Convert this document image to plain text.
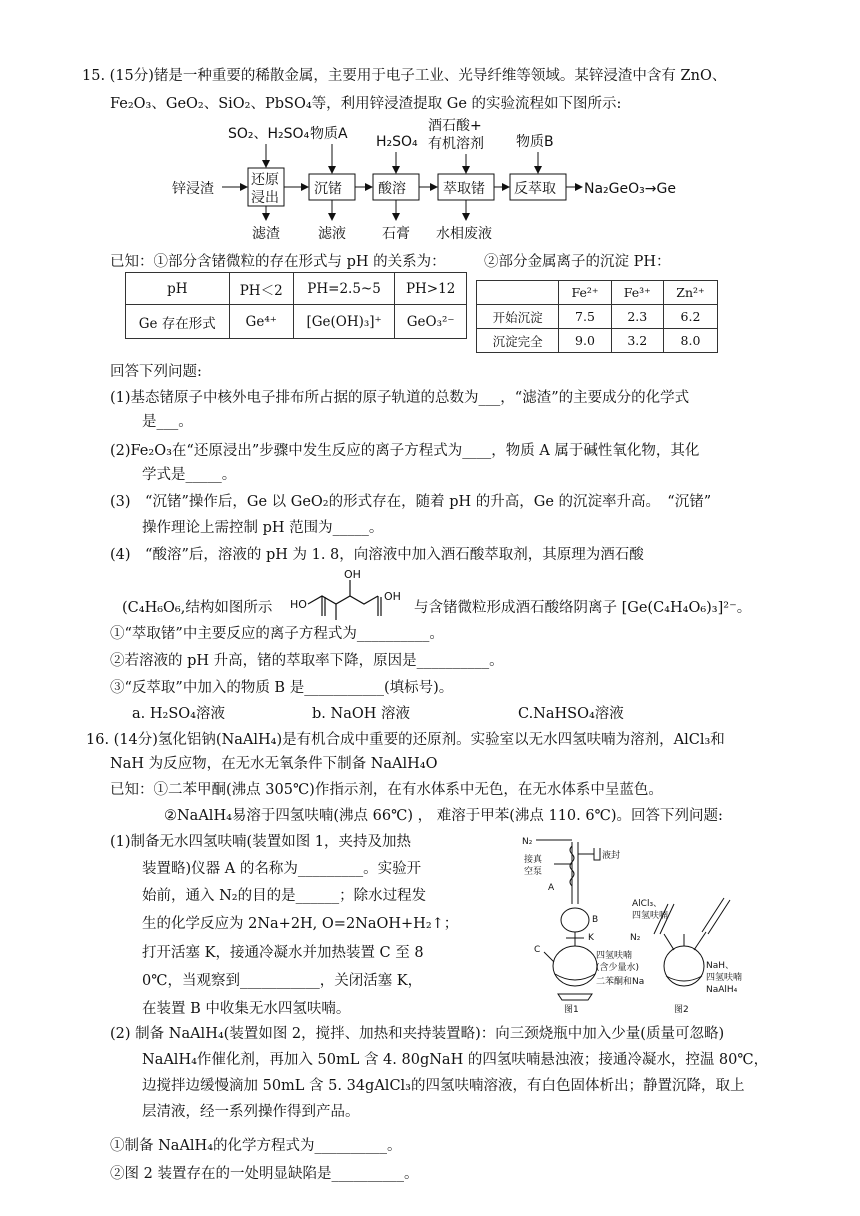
15. (15分)锗是一种重要的稀散金属，主要用于电子工业、光导纤维等领域。某锌浸渣中含有 ZnO、
Fe₂O₃、GeO₂、SiO₂、PbSO₄等，利用锌浸渣提取 Ge 的实验流程如下图所示:
SO₂、H₂SO₄ 物质A H₂SO₄
酒石酸+
有机溶剂 物质B
锌浸渣
还原
浸出
沉锗	酸溶	萃取锗 反萃取 Na₂GeO₃→Ge
滤渣	滤液	石膏 水相废液
已知：①部分含锗微粒的存在形式与 pH 的关系为：	②部分金属离子的沉淀 PH：
pH	PH＜2	PH=2.5~5	PH>12
Ge 存在形式	Ge⁴⁺	[Ge(OH)₃]⁺	GeO₃²⁻
	Fe²⁺	Fe³⁺	Zn²⁺
开始沉淀	7.5	2.3	6.2
沉淀完全	9.0	3.2	8.0
回答下列问题:
(1)基态锗原子中核外电子排布所占据的原子轨道的总数为___，“滤渣”的主要成分的化学式
是___。
(2)Fe₂O₃在“还原浸出”步骤中发生反应的离子方程式为____，物质 A 属于碱性氧化物，其化
学式是_____。
(3)　“沉锗”操作后，Ge 以 GeO₂的形式存在，随着 pH 的升高，Ge 的沉淀率升高。　“沉锗”
操作理论上需控制 pH 范围为_____。
(4)　“酸溶”后，溶液的 pH 为 1. 8，向溶液中加入酒石酸萃取剂，其原理为酒石酸
(C₄H₆O₆,结构如图所示
OH
HO
OH
与含锗微粒形成酒石酸络阴离子 [Ge(C₄H₄O₆)₃]²⁻。
①“萃取锗”中主要反应的离子方程式为__________。
②若溶液的 pH 升高，锗的萃取率下降，原因是__________。
③“反萃取”中加入的物质 B 是___________(填标号)。
a. H₂SO₄溶液	b. NaOH 溶液	C.NaHSO₄溶液
16. (14分)氢化铝钠(NaAlH₄)是有机合成中重要的还原剂。实验室以无水四氢呋喃为溶剂，AlCl₃和
NaH 为反应物，在无水无氧条件下制备 NaAlH₄O
已知：①二苯甲酮(沸点 305℃)作指示剂，在有水体系中无色，在无水体系中呈蓝色。
②NaAlH₄易溶于四氢呋喃(沸点 66℃) ， 难溶于甲苯(沸点 110. 6℃)。回答下列问题:
(1)制备无水四氢呋喃(装置如图 1，夹持及加热
装置略)仪器 A 的名称为_________。实验开
始前，通入 N₂的目的是______；除水过程发
生的化学反应为 2Na+2H, O=2NaOH+H₂↑；
打开活塞 K，接通冷凝水并加热装置 C 至 8
0℃，当观察到___________，关闭活塞 K，
在装置 B 中收集无水四氢呋喃。
N₂
接真
空泵
A
液封
B
K
C
四氢呋喃
(含少量水)
二苯酮和Na
图1
AlCl₃、
四氢呋喃
N₂
NaH、
四氢呋喃
NaAlH₄
图2
(2) 制备 NaAlH₄(装置如图 2，搅拌、加热和夹持装置略)：向三颈烧瓶中加入少量(质量可忽略)
NaAlH₄作催化剂，再加入 50mL 含 4. 80gNaH 的四氢呋喃悬浊液；接通冷凝水，控温 80℃，
边搅拌边缓慢滴加 50mL 含 5. 34gAlCl₃的四氢呋喃溶液，有白色固体析出；静置沉降，取上
层清液，经一系列操作得到产品。
①制备 NaAlH₄的化学方程式为__________。
②图 2 装置存在的一处明显缺陷是__________。
